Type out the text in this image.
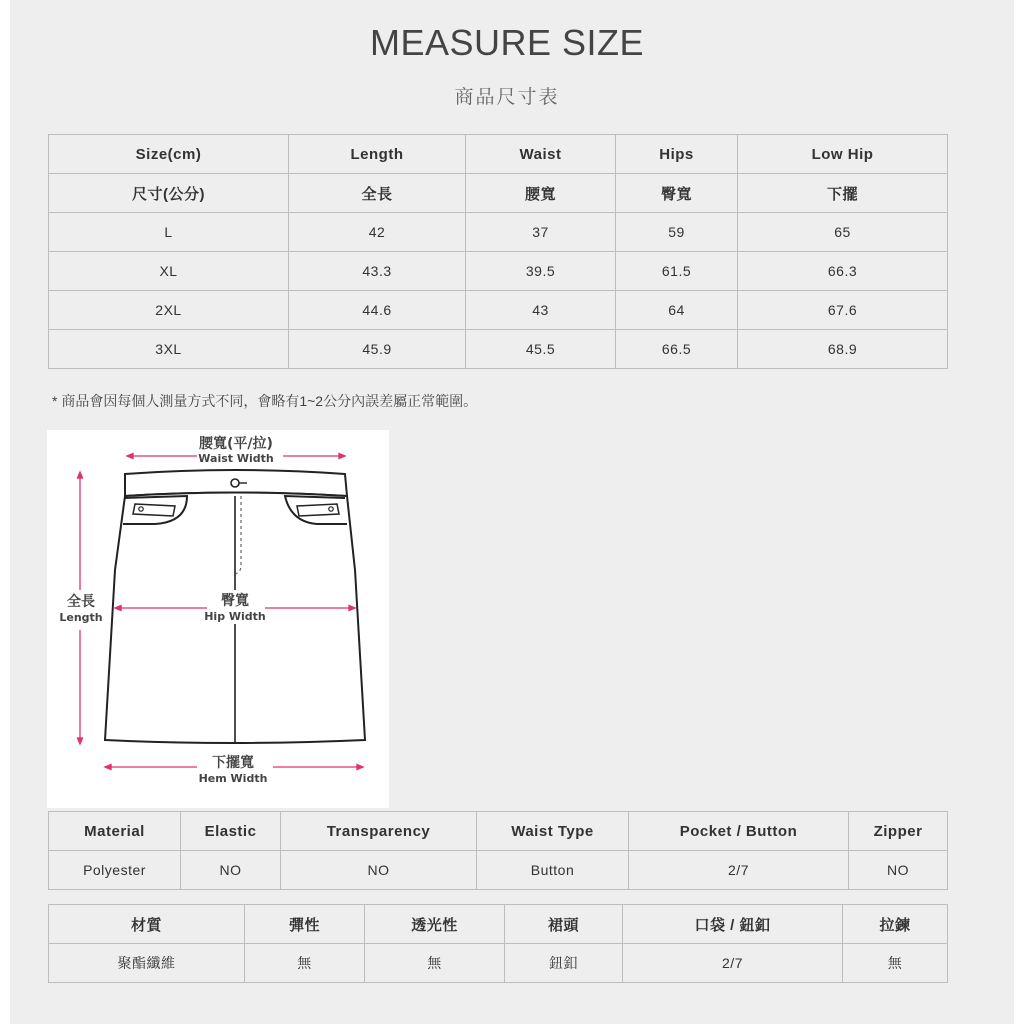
MEASURE SIZE
商品尺寸表
Size(cm)	Length	Waist	Hips	Low Hip
尺寸(公分)	全長	腰寬	臀寬	下擺
L	42	37	59	65
XL	43.3	39.5	61.5	66.3
2XL	44.6	43	64	67.6
3XL	45.9	45.5	66.5	68.9
* 商品會因每個人測量方式不同，會略有1~2公分內誤差屬正常範圍。
腰寬(平/拉)
Waist Width
臀寬
Hip Width
全長
Length
下擺寬
Hem Width
Material	Elastic	Transparency	Waist Type	Pocket / Button	Zipper
Polyester	NO	NO	Button	2/7	NO
材質	彈性	透光性	裙頭	口袋 / 鈕釦	拉鍊
聚酯纖維	無	無	鈕釦	2/7	無
